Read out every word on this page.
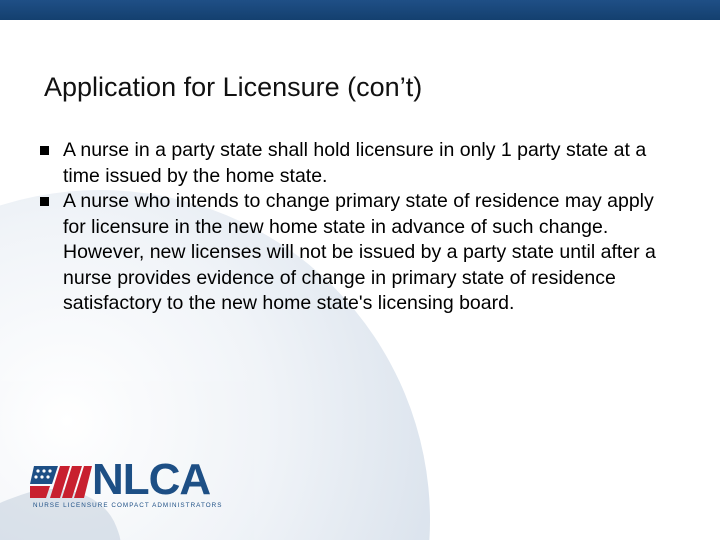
Application for Licensure (con’t)
A nurse in a party state shall hold licensure in only 1 party state at a time issued by the home state.
A nurse who intends to change primary state of residence may apply for licensure in the new home state in advance of such change. However, new licenses will not be issued by a party state until after a nurse provides evidence of change in primary state of residence satisfactory to the new home state's licensing board.
NLCA
NURSE LICENSURE COMPACT ADMINISTRATORS
